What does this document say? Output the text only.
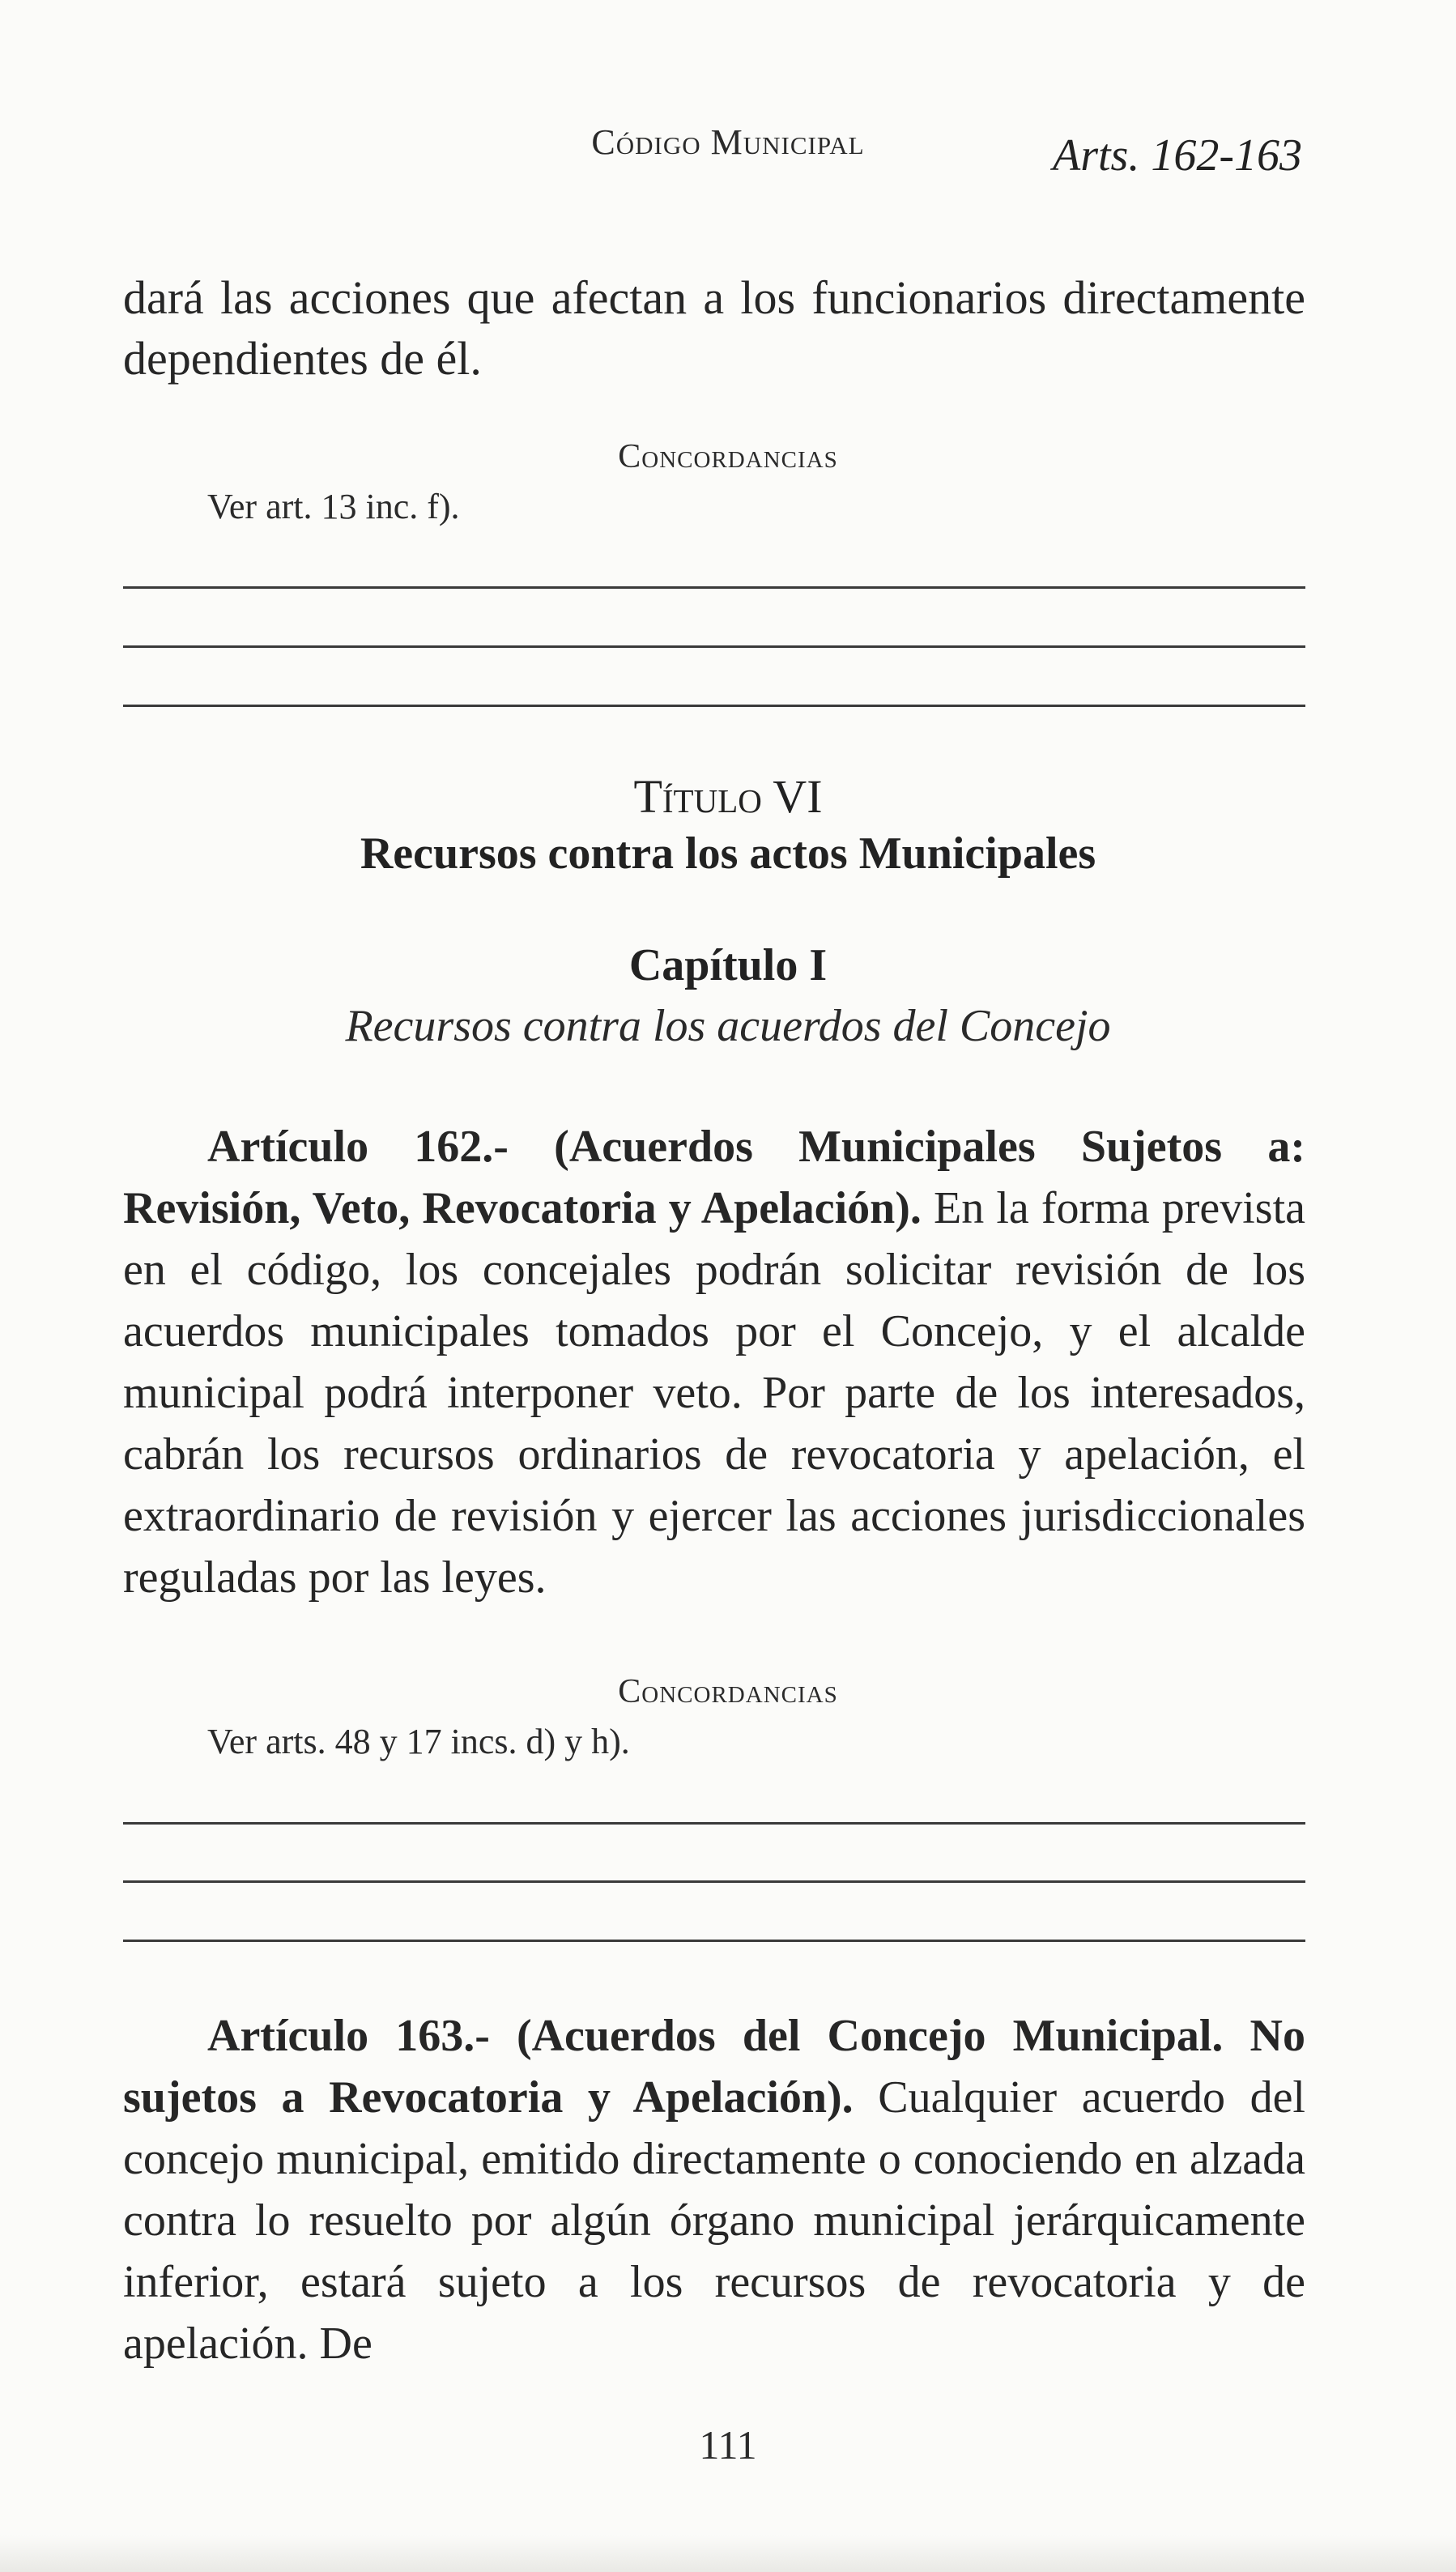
Código Municipal	Arts. 162-163
dará las acciones que afectan a los funcionarios directamente dependientes de él.
Concordancias
Ver art. 13 inc. f).
Título VI
Recursos contra los actos Municipales
Capítulo I
Recursos contra los acuerdos del Concejo
Artículo 162.- (Acuerdos Municipales Sujetos a: Revisión, Veto, Revocatoria y Apelación). En la forma prevista en el código, los concejales podrán solicitar revisión de los acuerdos municipales tomados por el Concejo, y el alcalde municipal podrá interponer veto. Por parte de los interesados, cabrán los recursos ordinarios de revocatoria y apelación, el extraordinario de revisión y ejercer las acciones jurisdiccionales reguladas por las leyes.
Concordancias
Ver arts. 48 y 17 incs. d) y h).
Artículo 163.- (Acuerdos del Concejo Municipal. No sujetos a Revocatoria y Apelación). Cualquier acuerdo del concejo municipal, emitido directamente o conociendo en alzada contra lo resuelto por algún órgano municipal jerárquicamente inferior, estará sujeto a los recursos de revocatoria y de apelación. De
111
